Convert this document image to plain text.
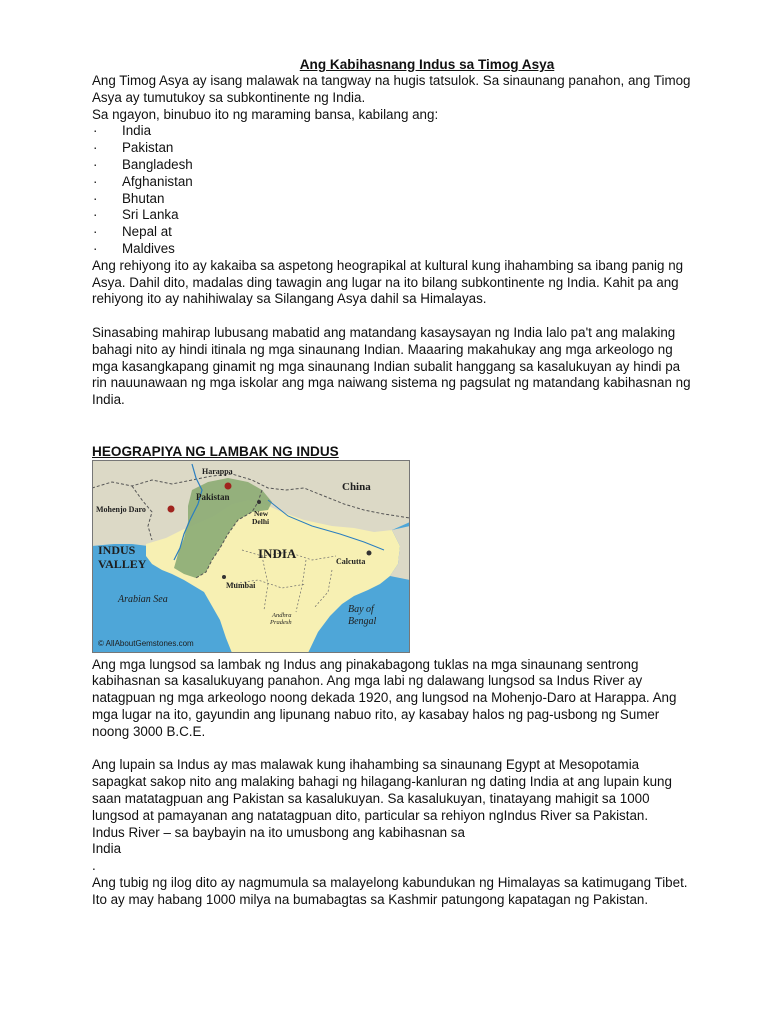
Ang Kabihasnang Indus sa Timog Asya

Ang Timog Asya ay isang malawak na tangway na hugis tatsulok. Sa sinaunang panahon, ang Timog Asya ay tumutukoy sa subkontinente ng India.

Sa ngayon, binubuo ito ng maraming bansa, kabilang ang:

· India
· Pakistan
· Bangladesh
· Afghanistan
· Bhutan
· Sri Lanka
· Nepal at
· Maldives

Ang rehiyong ito ay kakaiba sa aspetong heograpikal at kultural kung ihahambing sa ibang panig ng Asya. Dahil dito, madalas ding tawagin ang lugar na ito bilang subkontinente ng India. Kahit pa ang rehiyong ito ay nahihiwalay sa Silangang Asya dahil sa Himalayas.

Sinasabing mahirap lubusang mabatid ang matandang kasaysayan ng India lalo pa't ang malaking bahagi nito ay hindi itinala ng mga sinaunang Indian. Maaaring makahukay ang mga arkeologo ng mga kasangkapang ginamit ng mga sinaunang Indian subalit hanggang sa kasalukuyan ay hindi pa rin nauunawaan ng mga iskolar ang mga naiwang sistema ng pagsulat ng matandang kabihasnan ng India.

HEOGRAPIYA NG LAMBAK NG INDUS

Harappa
China
Pakistan
New
Delhi
Mohenjo Daro
INDUS
VALLEY
INDIA
Calcutta
Arabian Sea
Mumbai
Andhra
Pradesh
Bay of
Bengal
© AllAboutGemstones.com

Ang mga lungsod sa lambak ng Indus ang pinakabagong tuklas na mga sinaunang sentrong kabihasnan sa kasalukuyang panahon. Ang mga labi ng dalawang lungsod sa Indus River ay natagpuan ng mga arkeologo noong dekada 1920, ang lungsod na Mohenjo-Daro at Harappa. Ang mga lugar na ito, gayundin ang lipunang nabuo rito, ay kasabay halos ng pag-usbong ng Sumer noong 3000 B.C.E.

Ang lupain sa Indus ay mas malawak kung ihahambing sa sinaunang Egypt at Mesopotamia sapagkat sakop nito ang malaking bahagi ng hilagang-kanluran ng dating India at ang lupain kung saan matatagpuan ang Pakistan sa kasalukuyan. Sa kasalukuyan, tinatayang mahigit sa 1000 lungsod at pamayanan ang natatagpuan dito, particular sa rehiyon ngIndus River sa Pakistan.

Indus River – sa baybayin na ito umusbong ang kabihasnan sa

India

.

Ang tubig ng ilog dito ay nagmumula sa malayelong kabundukan ng Himalayas sa katimugang Tibet. Ito ay may habang 1000 milya na bumabagtas sa Kashmir patungong kapatagan ng Pakistan.
